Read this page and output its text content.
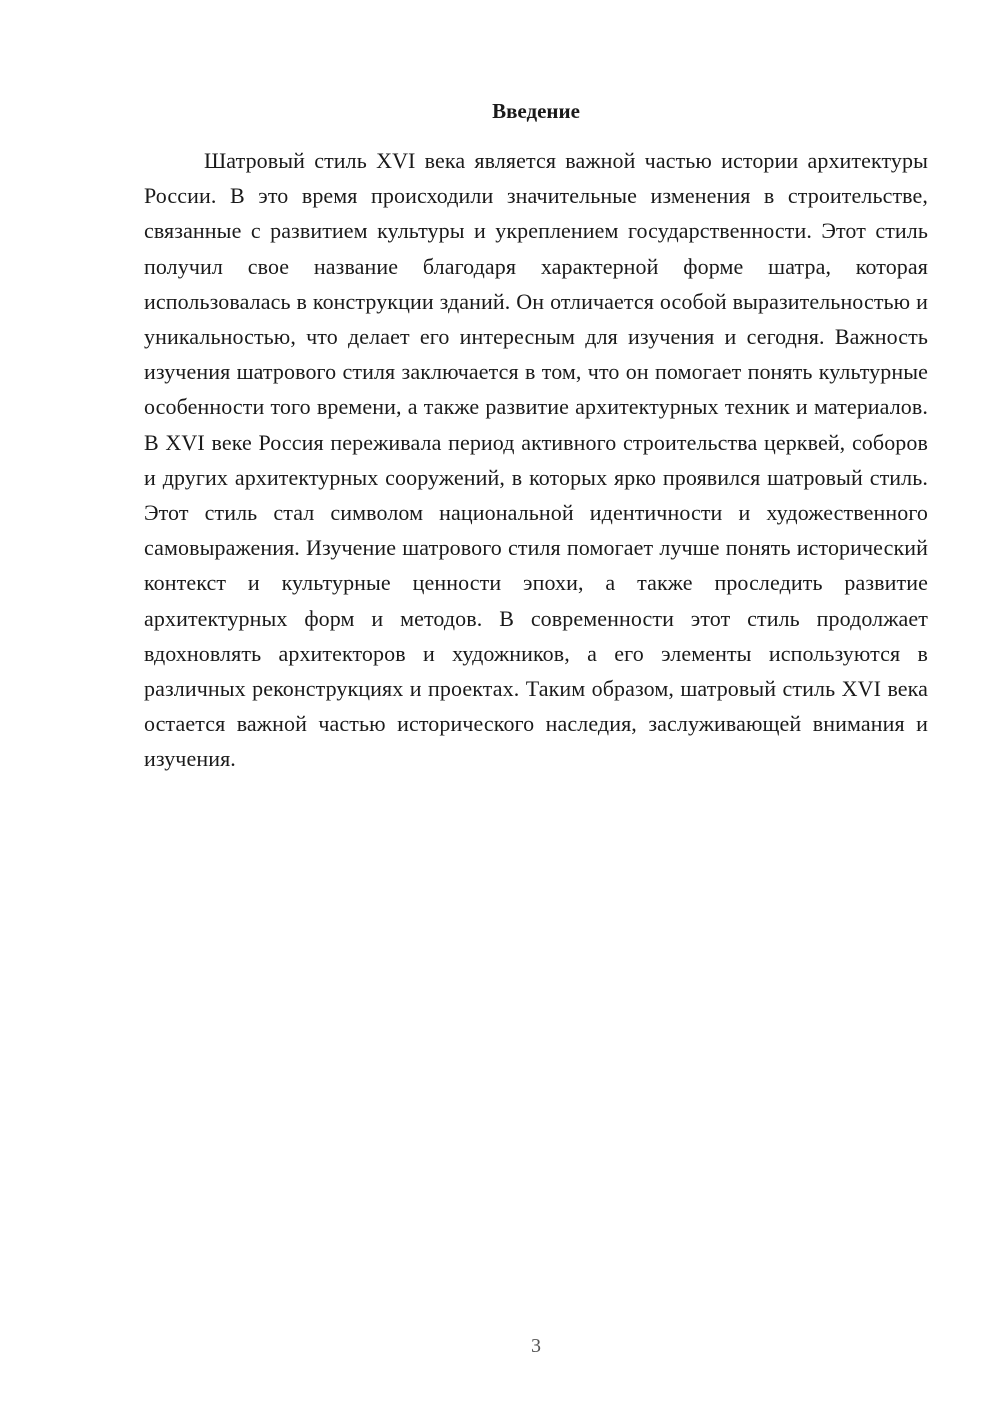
Введение

Шатровый стиль XVI века является важной частью истории архитектуры России. В это время происходили значительные изменения в строительстве, связанные с развитием культуры и укреплением государственности. Этот стиль получил свое название благодаря характерной форме шатра, которая использовалась в конструкции зданий. Он отличается особой выразительностью и уникальностью, что делает его интересным для изучения и сегодня. Важность изучения шатрового стиля заключается в том, что он помогает понять культурные особенности того времени, а также развитие архитектурных техник и материалов. В XVI веке Россия переживала период активного строительства церквей, соборов и других архитектурных сооружений, в которых ярко проявился шатровый стиль. Этот стиль стал символом национальной идентичности и художественного самовыражения. Изучение шатрового стиля помогает лучше понять исторический контекст и культурные ценности эпохи, а также проследить развитие архитектурных форм и методов. В современности этот стиль продолжает вдохновлять архитекторов и художников, а его элементы используются в различных реконструкциях и проектах. Таким образом, шатровый стиль XVI века остается важной частью исторического наследия, заслуживающей внимания и изучения.

3
